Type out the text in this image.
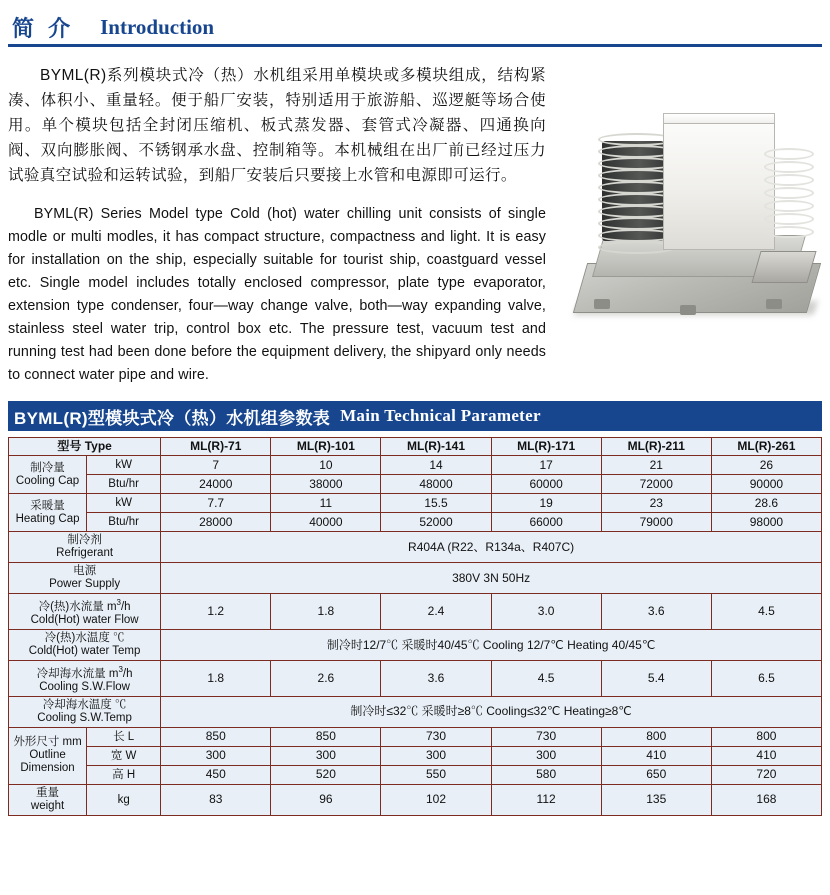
简 介 Introduction

BYML(R)系列模块式冷（热）水机组采用单模块或多模块组成，结构紧凑、体积小、重量轻。便于船厂安装，特别适用于旅游船、巡逻艇等场合使用。单个模块包括全封闭压缩机、板式蒸发器、套管式冷凝器、四通换向阀、双向膨胀阀、不锈钢承水盘、控制箱等。本机械组在出厂前已经过压力试验真空试验和运转试验，到船厂安装后只要接上水管和电源即可运行。

BYML(R) Series Model type Cold (hot) water chilling unit consists of single modle or multi modles, it has compact structure, compactness and light. It is easy for installation on the ship, especially suitable for tourist ship, coastguard vessel etc. Single model includes totally enclosed compressor, plate type evaporator, extension type condenser, four—way change valve, both—way expanding valve, stainless steel water trip, control box etc. The pressure test, vacuum test and running test had been done before the equipment delivery, the shipyard only needs to connect water pipe and wire.

BYML(R)型模块式冷（热）水机组参数表 Main Technical Parameter
型号 Type		ML(R)-71	ML(R)-101	ML(R)-141	ML(R)-171	ML(R)-211	ML(R)-261

制冷量
Cooling Cap	kW	7	10	14	17	21	26
	Btu/hr	24000	38000	48000	60000	72000	90000

采暖量
Heating Cap	kW	7.7	11	15.5	19	23	28.6
	Btu/hr	28000	40000	52000	66000	79000	98000

制冷剂
Refrigerant		R404A (R22、R134a、R407C)					

电源
Power Supply		380V 3N 50Hz					

冷(热)水流量 $m^3/h$
Cold(Hot) water Flow		1.2	1.8	2.4	3.0	3.6	4.5

冷(热)水温度 ℃
Cold(Hot) water Temp		制冷时12/7℃ 采暖时40/45℃ Cooling 12/7℃ Heating 40/45℃					

冷却海水流量 $m^3/h$
Cooling S.W.Flow		1.8	2.6	3.6	4.5	5.4	6.5

冷却海水温度 ℃
Cooling S.W.Temp		制冷时≤32℃ 采暖时≥8℃ Cooling≤32℃ Heating≥8℃					

外形尺寸 mm
Outline Dimension	长 L	850	850	730	730	800	800
	宽 W	300	300	300	300	410	410
	高 H	450	520	550	580	650	720

重量
weight	kg	83	96	102	112	135	168
